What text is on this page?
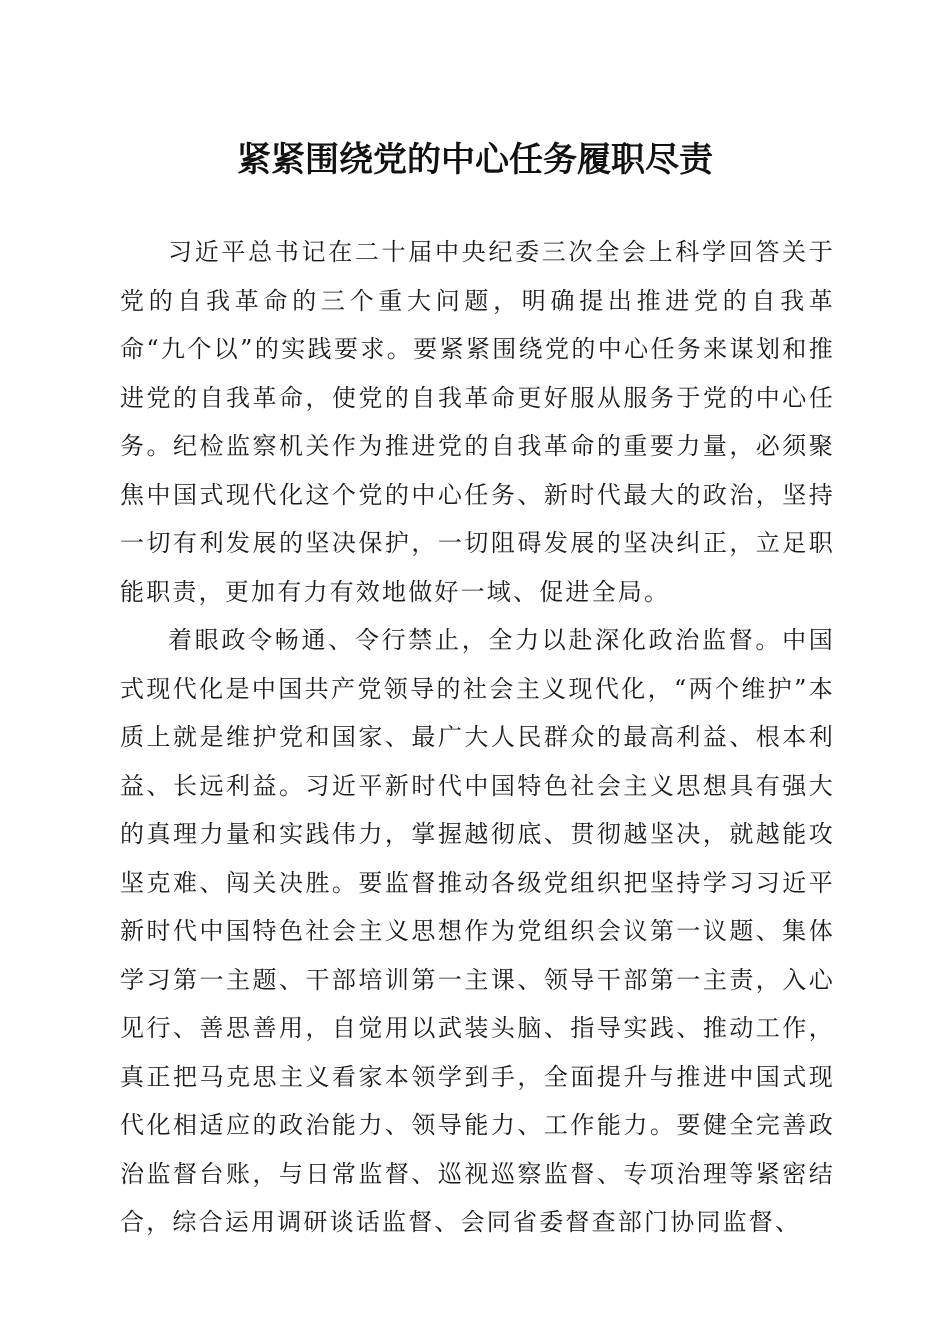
紧紧围绕党的中心任务履职尽责

习近平总书记在二十届中央纪委三次全会上科学回答关于党的自我革命的三个重大问题，明确提出推进党的自我革命“九个以”的实践要求。要紧紧围绕党的中心任务来谋划和推进党的自我革命，使党的自我革命更好服从服务于党的中心任务。纪检监察机关作为推进党的自我革命的重要力量，必须聚焦中国式现代化这个党的中心任务、新时代最大的政治，坚持一切有利发展的坚决保护，一切阻碍发展的坚决纠正，立足职能职责，更加有力有效地做好一域、促进全局。

着眼政令畅通、令行禁止，全力以赴深化政治监督。中国式现代化是中国共产党领导的社会主义现代化，“两个维护”本质上就是维护党和国家、最广大人民群众的最高利益、根本利益、长远利益。习近平新时代中国特色社会主义思想具有强大的真理力量和实践伟力，掌握越彻底、贯彻越坚决，就越能攻坚克难、闯关决胜。要监督推动各级党组织把坚持学习习近平新时代中国特色社会主义思想作为党组织会议第一议题、集体学习第一主题、干部培训第一主课、领导干部第一主责，入心见行、善思善用，自觉用以武装头脑、指导实践、推动工作，真正把马克思主义看家本领学到手，全面提升与推进中国式现代化相适应的政治能力、领导能力、工作能力。要健全完善政治监督台账，与日常监督、巡视巡察监督、专项治理等紧密结合，综合运用调研谈话监督、会同省委督查部门协同监督、
